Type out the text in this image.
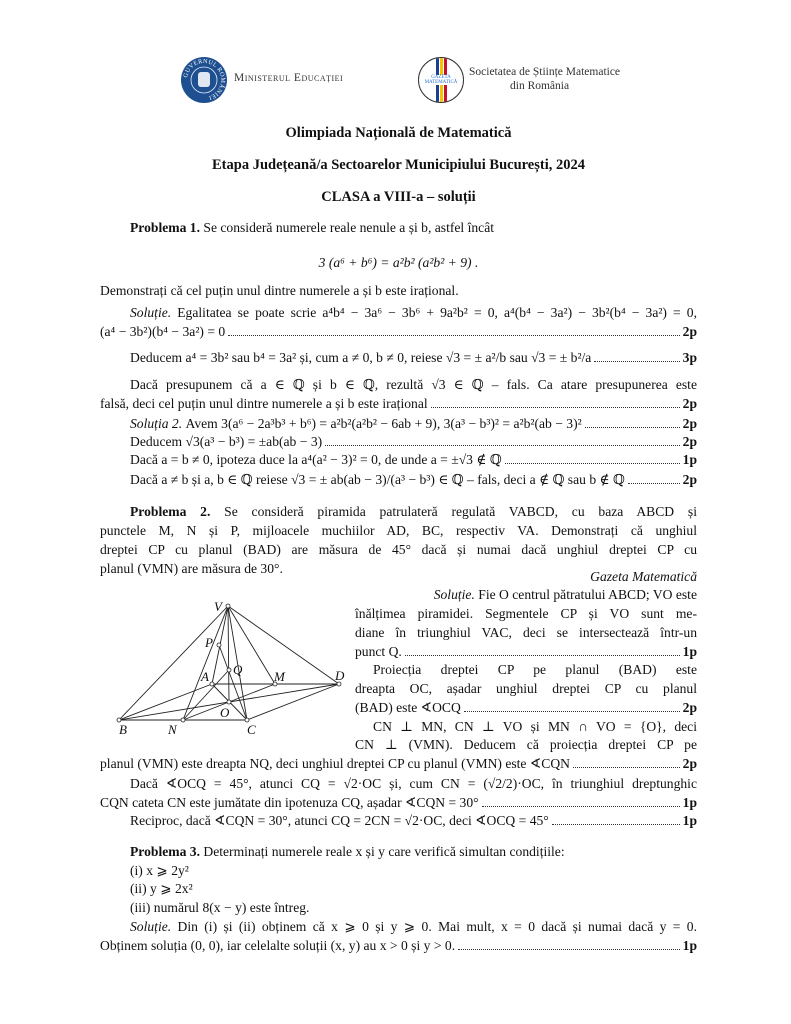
GUVERNUL ROMÂNIEI
Ministerul Educației	GAZETA
MATEMATICĂ
Societatea de Științe Matematice
din România
Olimpiada Națională de Matematică
Etapa Județeană/a Sectoarelor Municipiului București, 2024
CLASA a VIII-a – soluții
Problema 1. Se consideră numerele reale nenule a și b, astfel încât
3 (a⁶ + b⁶) = a²b² (a²b² + 9) .
Demonstrați că cel puțin unul dintre numerele a și b este irațional.
Soluție. Egalitatea se poate scrie a⁴b⁴ − 3a⁶ − 3b⁶ + 9a²b² = 0, a⁴(b⁴ − 3a²) − 3b²(b⁴ − 3a²) = 0,
(a⁴ − 3b²)(b⁴ − 3a²) = 0	2p
Deducem a⁴ = 3b² sau b⁴ = 3a² și, cum a ≠ 0, b ≠ 0, reiese √3 = ± a²/b sau √3 = ± b²/a	3p
Dacă presupunem că a ∈ ℚ și b ∈ ℚ, rezultă √3 ∈ ℚ – fals. Ca atare presupunerea este
falsă, deci cel puțin unul dintre numerele a și b este irațional	2p
Soluția 2.
Avem 3(a⁶ − 2a³b³ + b⁶) = a²b²(a²b² − 6ab + 9), 3(a³ − b³)² = a²b²(ab − 3)²	2p
Deducem √3(a³ − b³) = ±ab(ab − 3)	2p
Dacă a = b ≠ 0, ipoteza duce la a⁴(a² − 3)² = 0, de unde a = ±√3 ∉ ℚ	1p
Dacă a ≠ b și a, b ∈ ℚ reiese √3 = ± ab(ab − 3)/(a³ − b³) ∈ ℚ – fals, deci a ∉ ℚ sau b ∉ ℚ	2p
Problema 2. Se consideră piramida patrulateră regulată VABCD, cu baza ABCD și
punctele M, N și P, mijloacele muchiilor AD, BC, respectiv VA. Demonstrați că unghiul
dreptei CP cu planul (BAD) are măsura de 45° dacă și numai dacă unghiul dreptei CP cu
planul (VMN) are măsura de 30°.
Gazeta Matematică
V
P
Q
A	M	D
O
B	N	C
Soluție. Fie O centrul pătratului ABCD; VO este
înălțimea piramidei. Segmentele CP și VO sunt me-
diane în triunghiul VAC, deci se intersectează într-un
punct Q.	1p
Proiecția dreptei CP pe planul (BAD) este
dreapta OC, așadar unghiul dreptei CP cu planul
(BAD) este ∢OCQ	2p
CN ⊥ MN, CN ⊥ VO și MN ∩ VO = {O}, deci
CN ⊥ (VMN). Deducem că proiecția dreptei CP pe
planul (VMN) este dreapta NQ, deci unghiul dreptei CP cu planul (VMN) este ∢CQN	2p
Dacă ∢OCQ = 45°, atunci CQ = √2·OC și, cum CN = (√2/2)·OC, în triunghiul dreptunghic
CQN cateta CN este jumătate din ipotenuza CQ, așadar ∢CQN = 30°	1p
Reciproc, dacă ∢CQN = 30°, atunci CQ = 2CN = √2·OC, deci ∢OCQ = 45°	1p
Problema 3. Determinați numerele reale x și y care verifică simultan condițiile:
(i) x ⩾ 2y²
(ii) y ⩾ 2x²
(iii) numărul 8(x − y) este întreg.
Soluție. Din (i) și (ii) obținem că x ⩾ 0 și y ⩾ 0. Mai mult, x = 0 dacă și numai dacă y = 0.
Obținem soluția (0, 0), iar celelalte soluții (x, y) au x > 0 și y > 0.	1p
